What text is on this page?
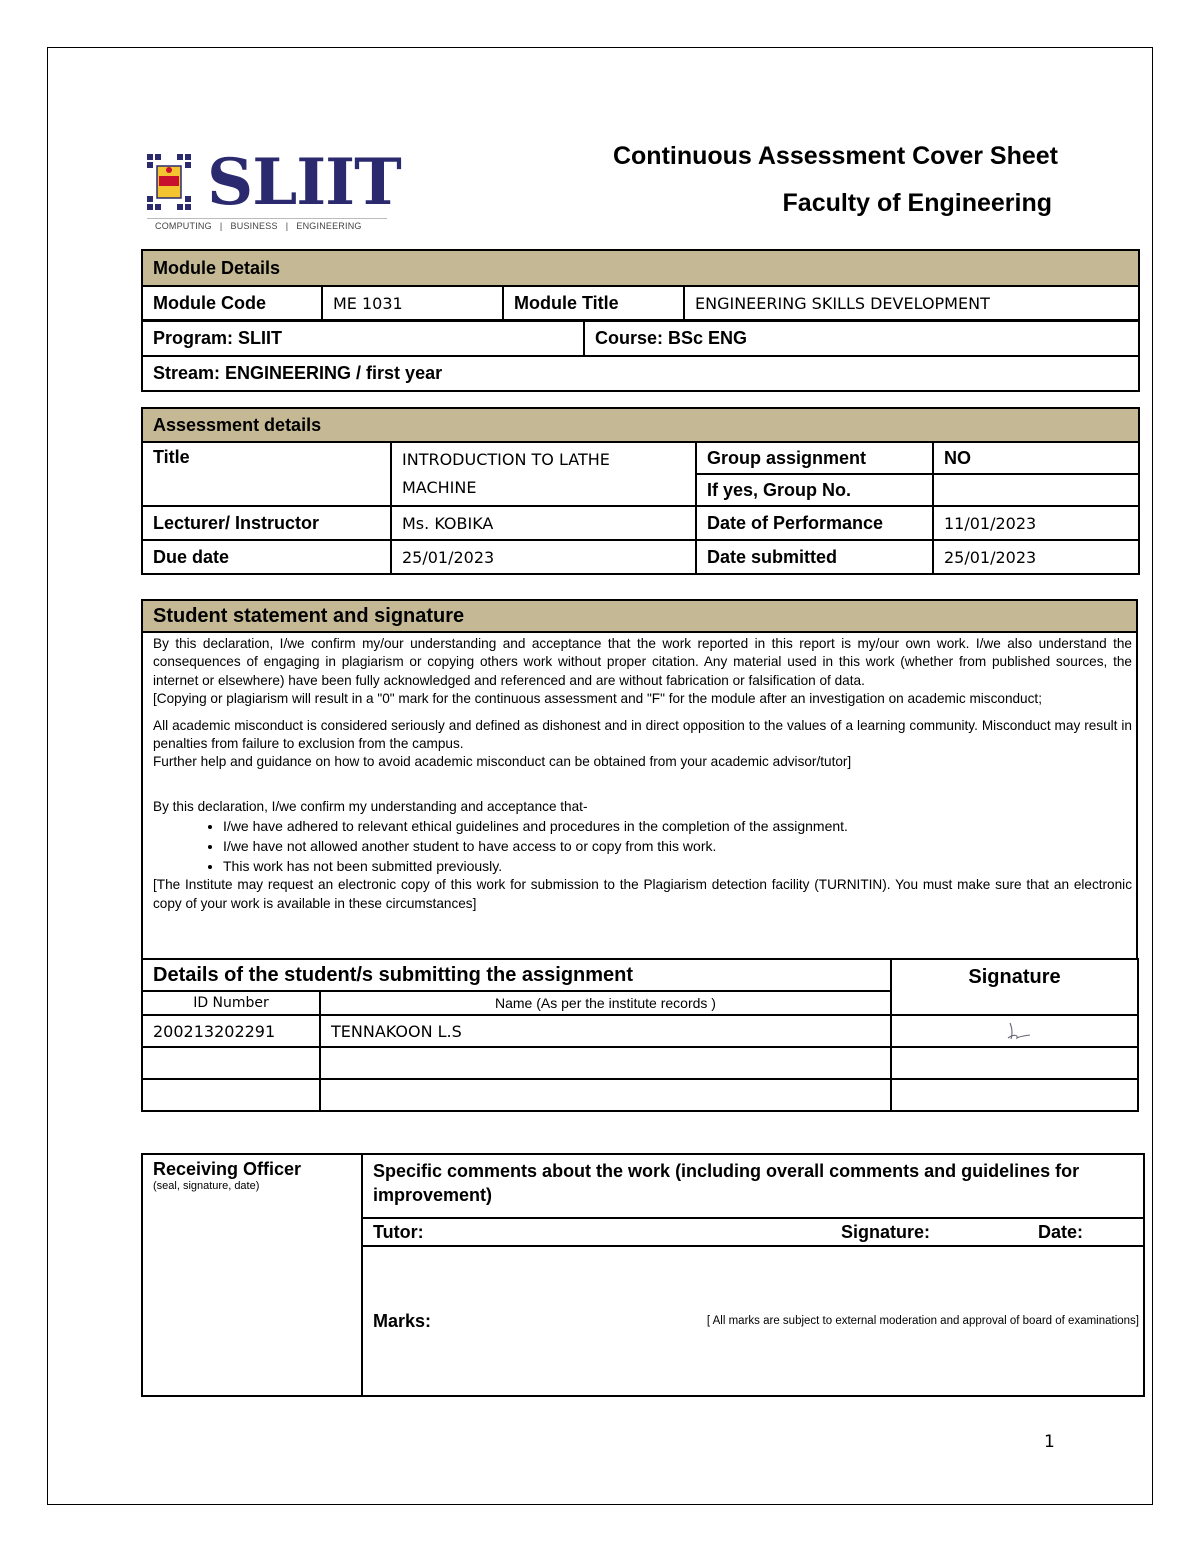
SLIIT
COMPUTING   |   BUSINESS   |   ENGINEERING
Continuous Assessment Cover Sheet
Faculty of Engineering
Module Details
Module Code	ME 1031	Module Title	ENGINEERING SKILLS DEVELOPMENT
Program: SLIIT	Course: BSc ENG
Stream: ENGINEERING / first year
Assessment details			
Title	INTRODUCTION TO LATHE MACHINE	Group assignment	NO
		If yes, Group No.	
Lecturer/ Instructor	Ms. KOBIKA	Date of Performance	11/01/2023
Due date	25/01/2023	Date submitted	25/01/2023
Student statement and signature

By this declaration, I/we confirm my/our understanding and acceptance that the work reported in this report is my/our own work. I/we also understand the consequences of engaging in plagiarism or copying others work without proper citation. Any material used in this work (whether from published sources, the internet or elsewhere) have been fully acknowledged and referenced and are without fabrication or falsification of data.

[Copying or plagiarism will result in a "0" mark for the continuous assessment and "F" for the module after an investigation on academic misconduct;

All academic misconduct is considered seriously and defined as dishonest and in direct opposition to the values of a learning community. Misconduct may result in penalties from failure to exclusion from the campus.

Further help and guidance on how to avoid academic misconduct can be obtained from your academic advisor/tutor]

By this declaration, I/we confirm my understanding and acceptance that-

• I/we have adhered to relevant ethical guidelines and procedures in the completion of the assignment.
• I/we have not allowed another student to have access to or copy from this work.
• This work has not been submitted previously.

[The Institute may request an electronic copy of this work for submission to the Plagiarism detection facility (TURNITIN). You must make sure that an electronic copy of your work is available in these circumstances]

Details of the student/s submitting the assignment		Signature
ID Number	Name (As per the institute records )	
200213202291	TENNAKOON L.S	

Receiving Officer
(seal, signature, date)	Specific comments about the work (including overall comments and guidelines for improvement)		
	Tutor:	Signature:	Date:

	Marks: [ All marks are subject to external moderation and approval of board of examinations]		
1
